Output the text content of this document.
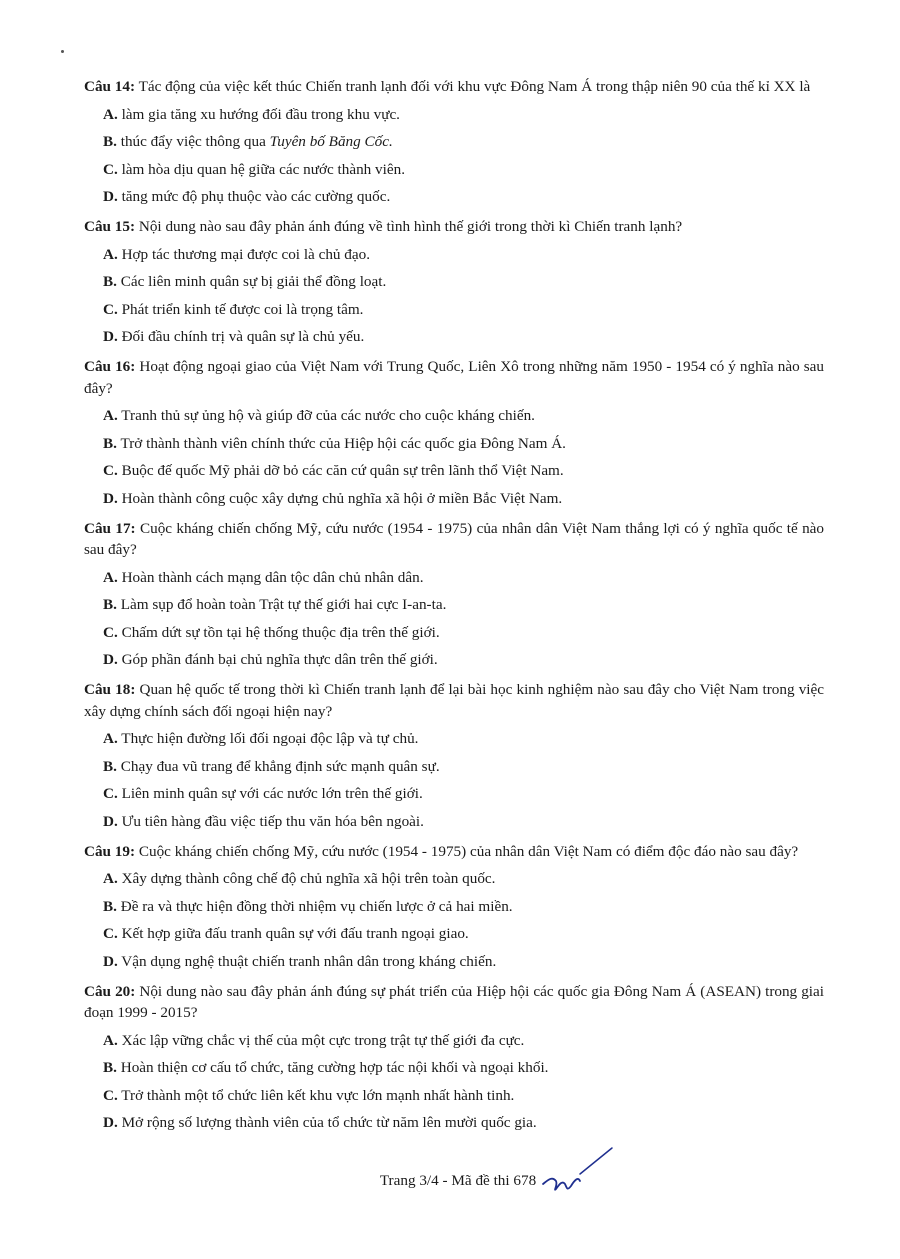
Câu 14: Tác động của việc kết thúc Chiến tranh lạnh đối với khu vực Đông Nam Á trong thập niên 90 của thế kỉ XX là

A. làm gia tăng xu hướng đối đầu trong khu vực.

B. thúc đẩy việc thông qua Tuyên bố Băng Cốc.

C. làm hòa dịu quan hệ giữa các nước thành viên.

D. tăng mức độ phụ thuộc vào các cường quốc.

Câu 15: Nội dung nào sau đây phản ánh đúng về tình hình thế giới trong thời kì Chiến tranh lạnh?

A. Hợp tác thương mại được coi là chủ đạo.

B. Các liên minh quân sự bị giải thể đồng loạt.

C. Phát triển kinh tế được coi là trọng tâm.

D. Đối đầu chính trị và quân sự là chủ yếu.

Câu 16: Hoạt động ngoại giao của Việt Nam với Trung Quốc, Liên Xô trong những năm 1950 - 1954 có ý nghĩa nào sau đây?

A. Tranh thủ sự ủng hộ và giúp đỡ của các nước cho cuộc kháng chiến.

B. Trở thành thành viên chính thức của Hiệp hội các quốc gia Đông Nam Á.

C. Buộc đế quốc Mỹ phải dỡ bỏ các căn cứ quân sự trên lãnh thổ Việt Nam.

D. Hoàn thành công cuộc xây dựng chủ nghĩa xã hội ở miền Bắc Việt Nam.

Câu 17: Cuộc kháng chiến chống Mỹ, cứu nước (1954 - 1975) của nhân dân Việt Nam thắng lợi có ý nghĩa quốc tế nào sau đây?

A. Hoàn thành cách mạng dân tộc dân chủ nhân dân.

B. Làm sụp đổ hoàn toàn Trật tự thế giới hai cực I-an-ta.

C. Chấm dứt sự tồn tại hệ thống thuộc địa trên thế giới.

D. Góp phần đánh bại chủ nghĩa thực dân trên thế giới.

Câu 18: Quan hệ quốc tế trong thời kì Chiến tranh lạnh để lại bài học kinh nghiệm nào sau đây cho Việt Nam trong việc xây dựng chính sách đối ngoại hiện nay?

A. Thực hiện đường lối đối ngoại độc lập và tự chủ.

B. Chạy đua vũ trang để khẳng định sức mạnh quân sự.

C. Liên minh quân sự với các nước lớn trên thế giới.

D. Ưu tiên hàng đầu việc tiếp thu văn hóa bên ngoài.

Câu 19: Cuộc kháng chiến chống Mỹ, cứu nước (1954 - 1975) của nhân dân Việt Nam có điểm độc đáo nào sau đây?

A. Xây dựng thành công chế độ chủ nghĩa xã hội trên toàn quốc.

B. Đề ra và thực hiện đồng thời nhiệm vụ chiến lược ở cả hai miền.

C. Kết hợp giữa đấu tranh quân sự với đấu tranh ngoại giao.

D. Vận dụng nghệ thuật chiến tranh nhân dân trong kháng chiến.

Câu 20: Nội dung nào sau đây phản ánh đúng sự phát triển của Hiệp hội các quốc gia Đông Nam Á (ASEAN) trong giai đoạn 1999 - 2015?

A. Xác lập vững chắc vị thế của một cực trong trật tự thế giới đa cực.

B. Hoàn thiện cơ cấu tổ chức, tăng cường hợp tác nội khối và ngoại khối.

C. Trở thành một tổ chức liên kết khu vực lớn mạnh nhất hành tinh.

D. Mở rộng số lượng thành viên của tổ chức từ năm lên mười quốc gia.

Trang 3/4 - Mã đề thi 678
